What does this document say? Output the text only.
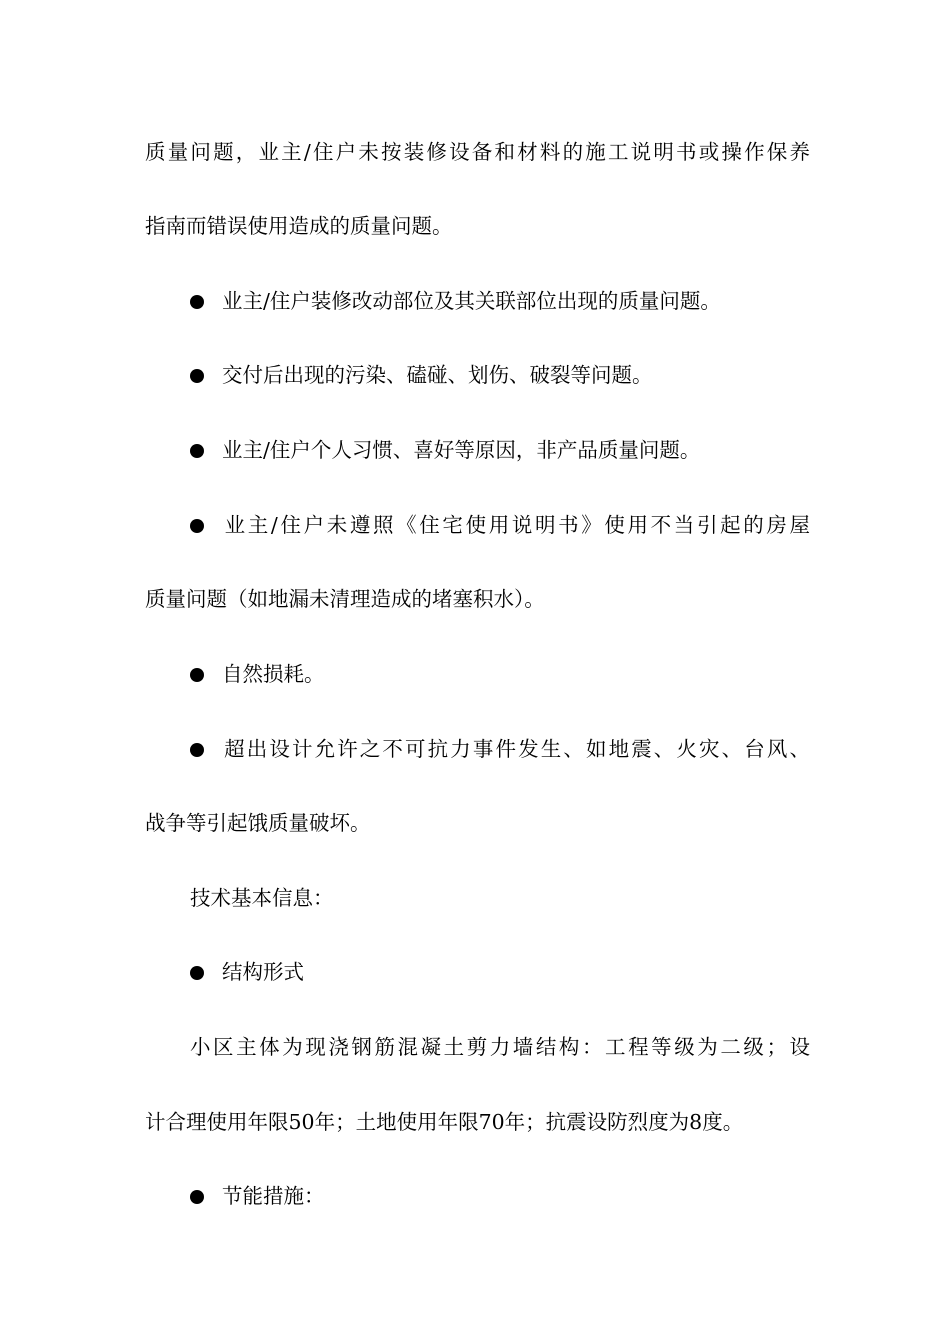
质量问题，业主/住户未按装修设备和材料的施工说明书或操作保养
指南而错误使用造成的质量问题。
业主/住户装修改动部位及其关联部位出现的质量问题。
交付后出现的污染、磕碰、划伤、破裂等问题。
业主/住户个人习惯、喜好等原因，非产品质量问题。
业主/住户未遵照《住宅使用说明书》使用不当引起的房屋
质量问题（如地漏未清理造成的堵塞积水）。
自然损耗。
超出设计允许之不可抗力事件发生、如地震、火灾、台风、
战争等引起饿质量破坏。
技术基本信息：
结构形式
小区主体为现浇钢筋混凝土剪力墙结构：工程等级为二级；设
计合理使用年限50年；土地使用年限70年；抗震设防烈度为8度。
节能措施：
